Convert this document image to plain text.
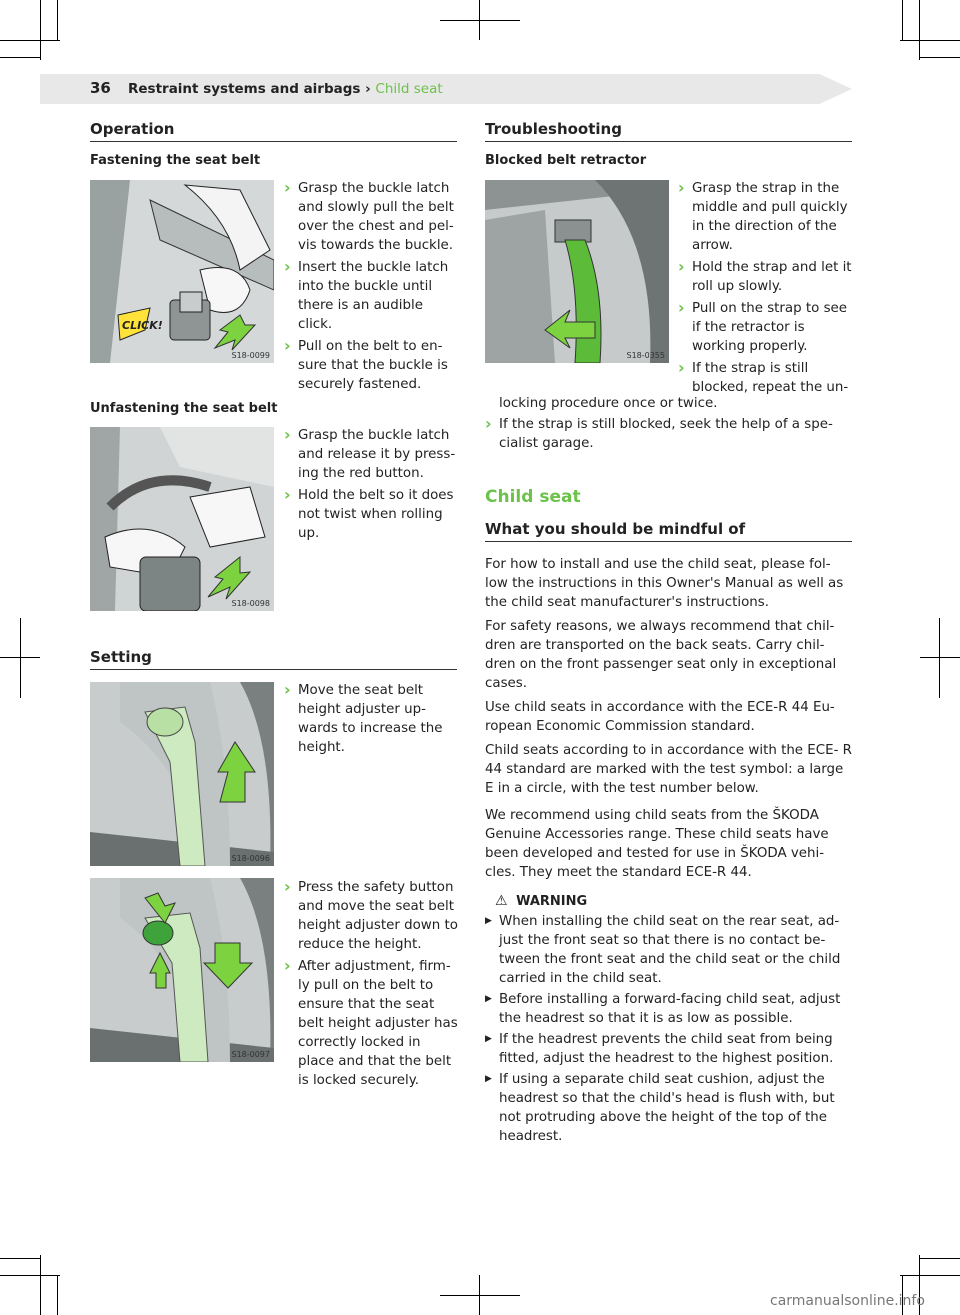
36 Restraint systems and airbags › Child seat
Operation
Fastening the seat belt
CLICK!
S18-0099
› Grasp the buckle latch and slowly pull the belt over the chest and pel- vis towards the buckle.
› Insert the buckle latch into the buckle until there is an audible click.
› Pull on the belt to en- sure that the buckle is securely fastened.
Unfastening the seat belt
S18-0098
› Grasp the buckle latch and release it by press- ing the red button.
› Hold the belt so it does not twist when rolling up.
Setting
S18-0096
› Move the seat belt height adjuster up- wards to increase the height.
S18-0097
› Press the safety button and move the seat belt height adjuster down to reduce the height.
› After adjustment, firm- ly pull on the belt to ensure that the seat belt height adjuster has correctly locked in place and that the belt is locked securely.
Troubleshooting
Blocked belt retractor
S18-0355
› Grasp the strap in the middle and pull quickly in the direction of the arrow.
› Hold the strap and let it roll up slowly.
› Pull on the strap to see if the retractor is working properly.
› If the strap is still blocked, repeat the un-

locking procedure once or twice.

› If the strap is still blocked, seek the help of a spe- cialist garage.
Child seat
What you should be mindful of

For how to install and use the child seat, please fol- low the instructions in this Owner's Manual as well as the child seat manufacturer's instructions.

For safety reasons, we always recommend that chil- dren are transported on the back seats. Carry chil- dren on the front passenger seat only in exceptional cases.

Use child seats in accordance with the ECE-R 44 Eu- ropean Economic Commission standard.

Child seats according to in accordance with the ECE- R 44 standard are marked with the test symbol: a large E in a circle, with the test number below.

We recommend using child seats from the ŠKODA Genuine Accessories range. These child seats have been developed and tested for use in ŠKODA vehi- cles. They meet the standard ECE-R 44.

⚠ WARNING
▶ When installing the child seat on the rear seat, ad- just the front seat so that there is no contact be- tween the front seat and the child seat or the child carried in the child seat.
▶ Before installing a forward-facing child seat, adjust the headrest so that it is as low as possible.
▶ If the headrest prevents the child seat from being fitted, adjust the headrest to the highest position.
▶ If using a separate child seat cushion, adjust the headrest so that the child's head is flush with, but not protruding above the height of the top of the headrest.
carmanualsonline.info
